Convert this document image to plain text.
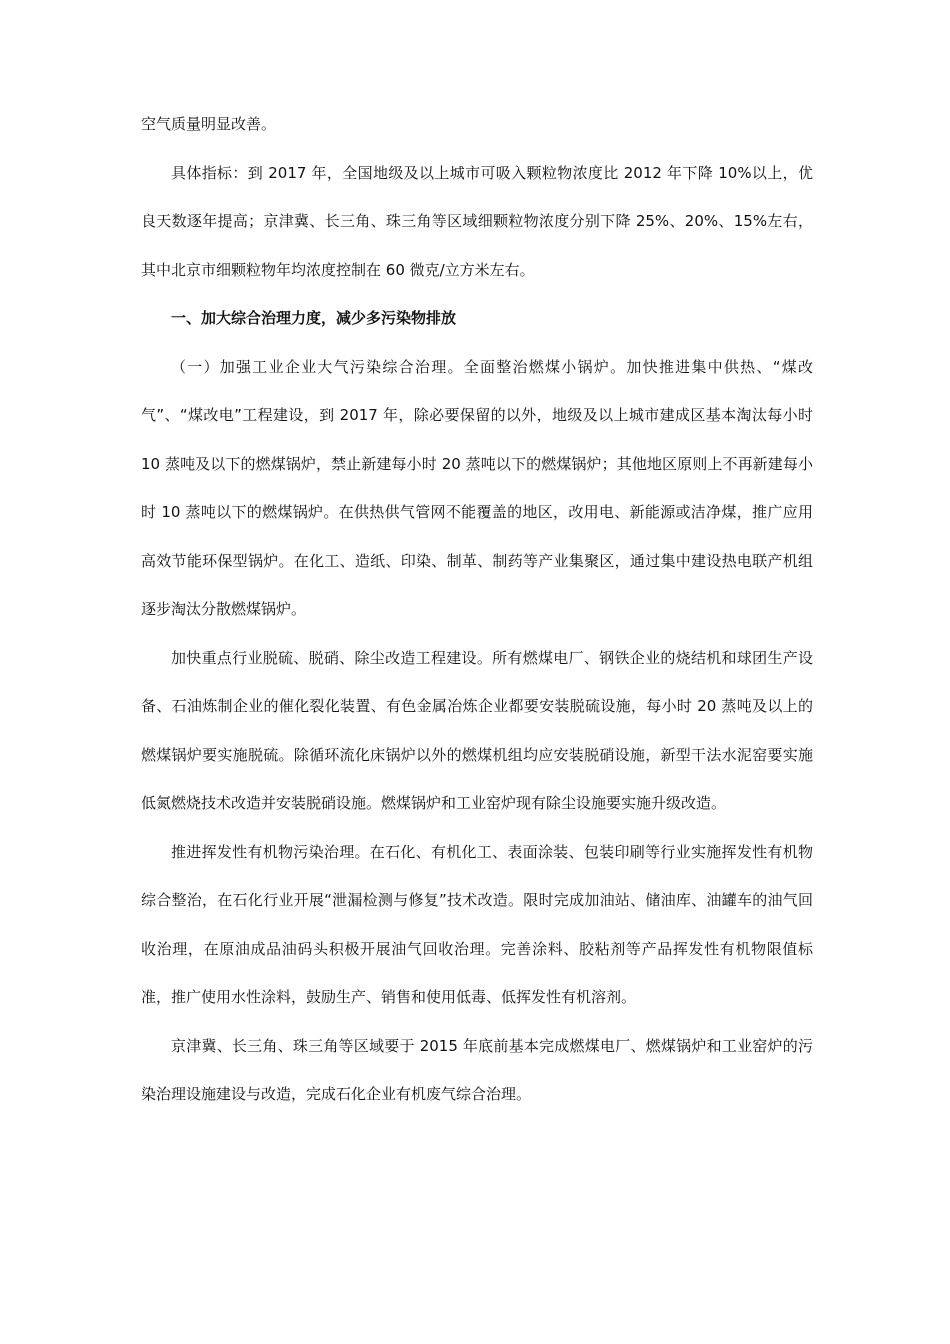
空气质量明显改善。

具体指标：到 2017 年，全国地级及以上城市可吸入颗粒物浓度比 2012 年下降 10%以上，优良天数逐年提高；京津冀、长三角、珠三角等区域细颗粒物浓度分别下降 25%、20%、15%左右，其中北京市细颗粒物年均浓度控制在 60 微克/立方米左右。

一、加大综合治理力度，减少多污染物排放

（一）加强工业企业大气污染综合治理。全面整治燃煤小锅炉。加快推进集中供热、“煤改气”、“煤改电”工程建设，到 2017 年，除必要保留的以外，地级及以上城市建成区基本淘汰每小时 10 蒸吨及以下的燃煤锅炉，禁止新建每小时 20 蒸吨以下的燃煤锅炉；其他地区原则上不再新建每小时 10 蒸吨以下的燃煤锅炉。在供热供气管网不能覆盖的地区，改用电、新能源或洁净煤，推广应用高效节能环保型锅炉。在化工、造纸、印染、制革、制药等产业集聚区，通过集中建设热电联产机组逐步淘汰分散燃煤锅炉。

加快重点行业脱硫、脱硝、除尘改造工程建设。所有燃煤电厂、钢铁企业的烧结机和球团生产设备、石油炼制企业的催化裂化装置、有色金属冶炼企业都要安装脱硫设施，每小时 20 蒸吨及以上的燃煤锅炉要实施脱硫。除循环流化床锅炉以外的燃煤机组均应安装脱硝设施，新型干法水泥窑要实施低氮燃烧技术改造并安装脱硝设施。燃煤锅炉和工业窑炉现有除尘设施要实施升级改造。

推进挥发性有机物污染治理。在石化、有机化工、表面涂装、包装印刷等行业实施挥发性有机物综合整治，在石化行业开展“泄漏检测与修复”技术改造。限时完成加油站、储油库、油罐车的油气回收治理，在原油成品油码头积极开展油气回收治理。完善涂料、胶粘剂等产品挥发性有机物限值标准，推广使用水性涂料，鼓励生产、销售和使用低毒、低挥发性有机溶剂。

京津冀、长三角、珠三角等区域要于 2015 年底前基本完成燃煤电厂、燃煤锅炉和工业窑炉的污染治理设施建设与改造，完成石化企业有机废气综合治理。
